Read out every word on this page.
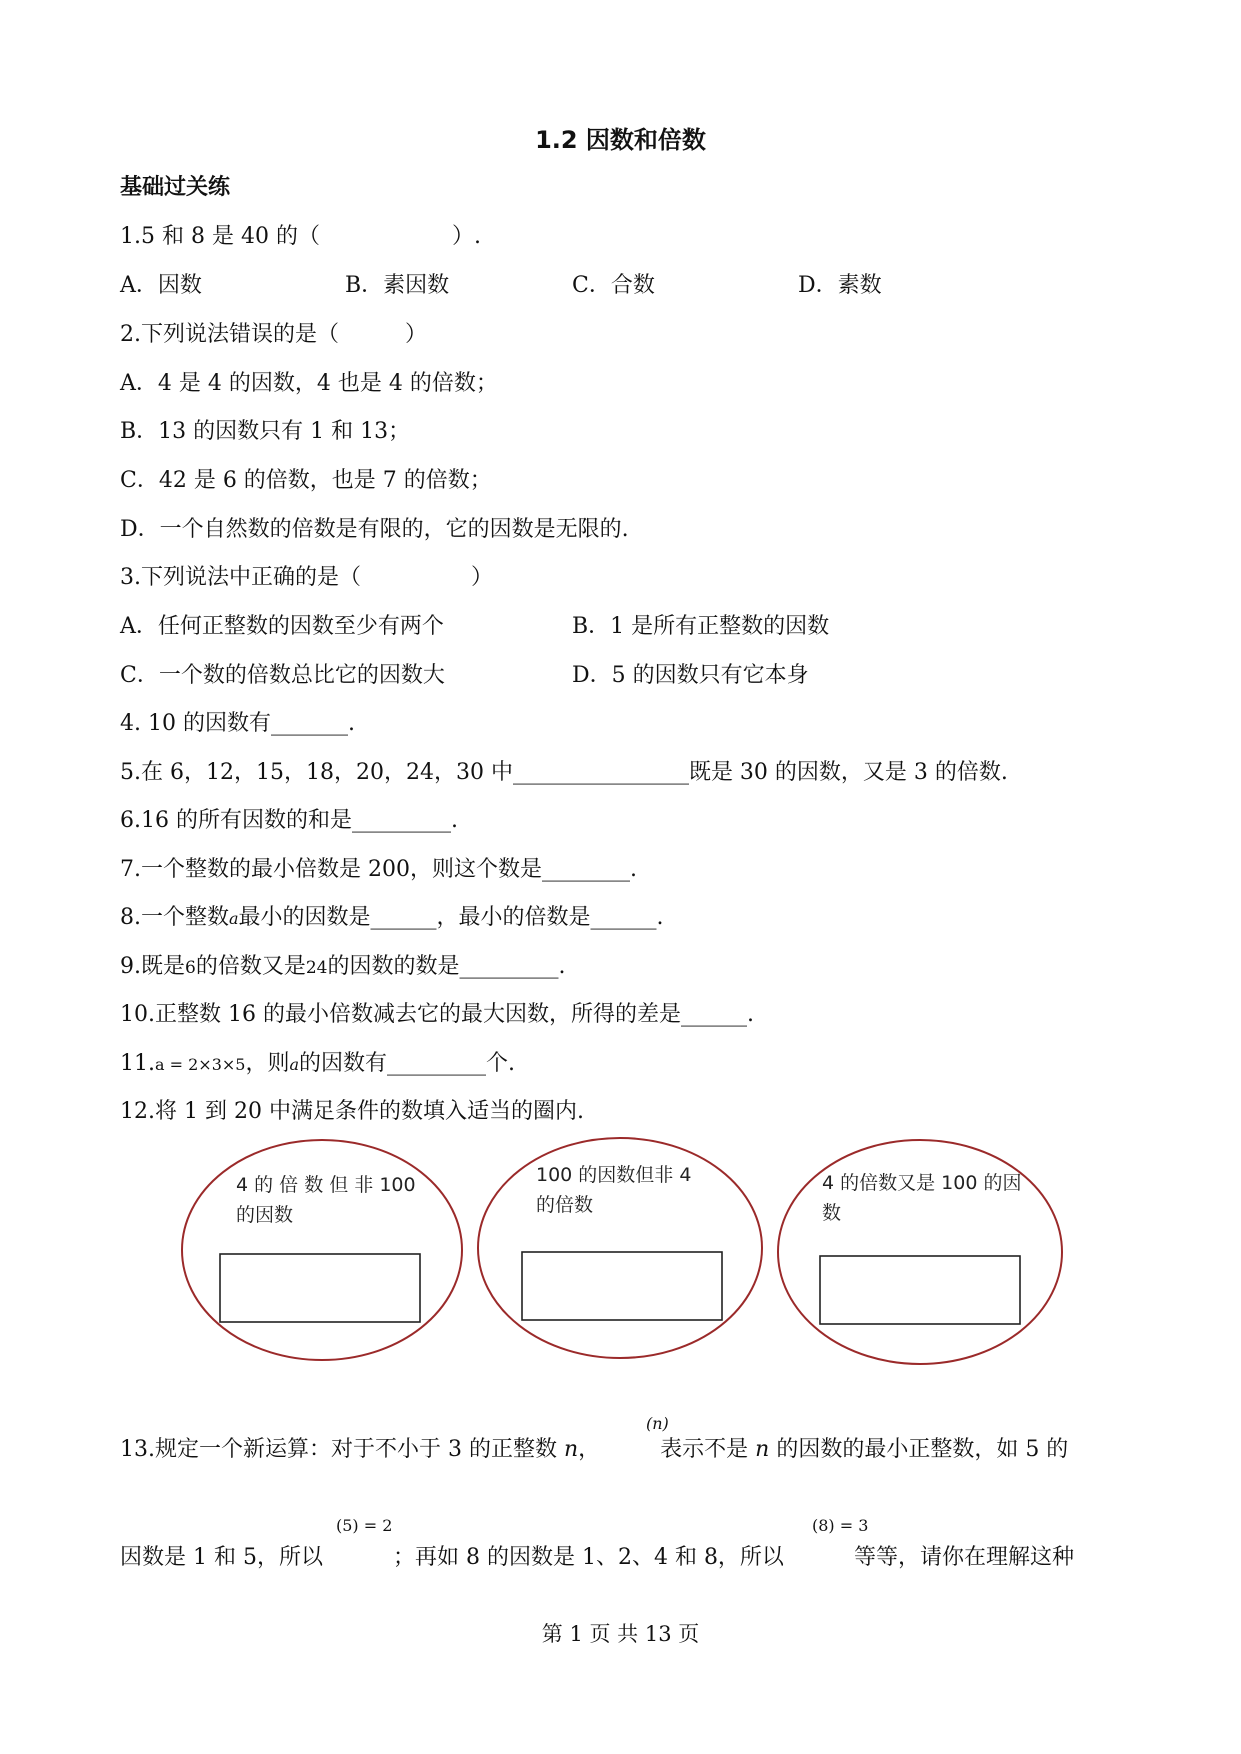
1.2 因数和倍数
基础过关练
1.5 和 8 是 40 的（　　　　　　）.
A．因数	B．素因数	C．合数	D．素数
2.下列说法错误的是（　　　）
A．4 是 4 的因数，4 也是 4 的倍数；
B．13 的因数只有 1 和 13；
C．42 是 6 的倍数，也是 7 的倍数；
D．一个自然数的倍数是有限的，它的因数是无限的.
3.下列说法中正确的是（　　　　　）
A．任何正整数的因数至少有两个	B．1 是所有正整数的因数
C．一个数的倍数总比它的因数大	D．5 的因数只有它本身
4. 10 的因数有_______.
5.在 6，12，15，18，20，24，30 中________________既是 30 的因数，又是 3 的倍数.
6.16 的所有因数的和是_________.
7.一个整数的最小倍数是 200，则这个数是________.
8.一个整数a最小的因数是______，最小的倍数是______.
9.既是6的倍数又是24的因数的数是_________.
10.正整数 16 的最小倍数减去它的最大因数，所得的差是______.
11.a = 2×3×5，则a的因数有_________个.
12.将 1 到 20 中满足条件的数填入适当的圈内.
4 的 倍 数 但 非 100 的因数
100 的因数但非 4 的倍数
4 的倍数又是 100 的因数
(n)
13.规定一个新运算：对于不小于 3 的正整数 n，	表示不是 n 的因数的最小正整数，如 5 的
(5) = 2	(8) = 3
因数是 1 和 5，所以	；再如 8 的因数是 1、2、4 和 8，所以	等等，请你在理解这种
第 1 页 共 13 页
